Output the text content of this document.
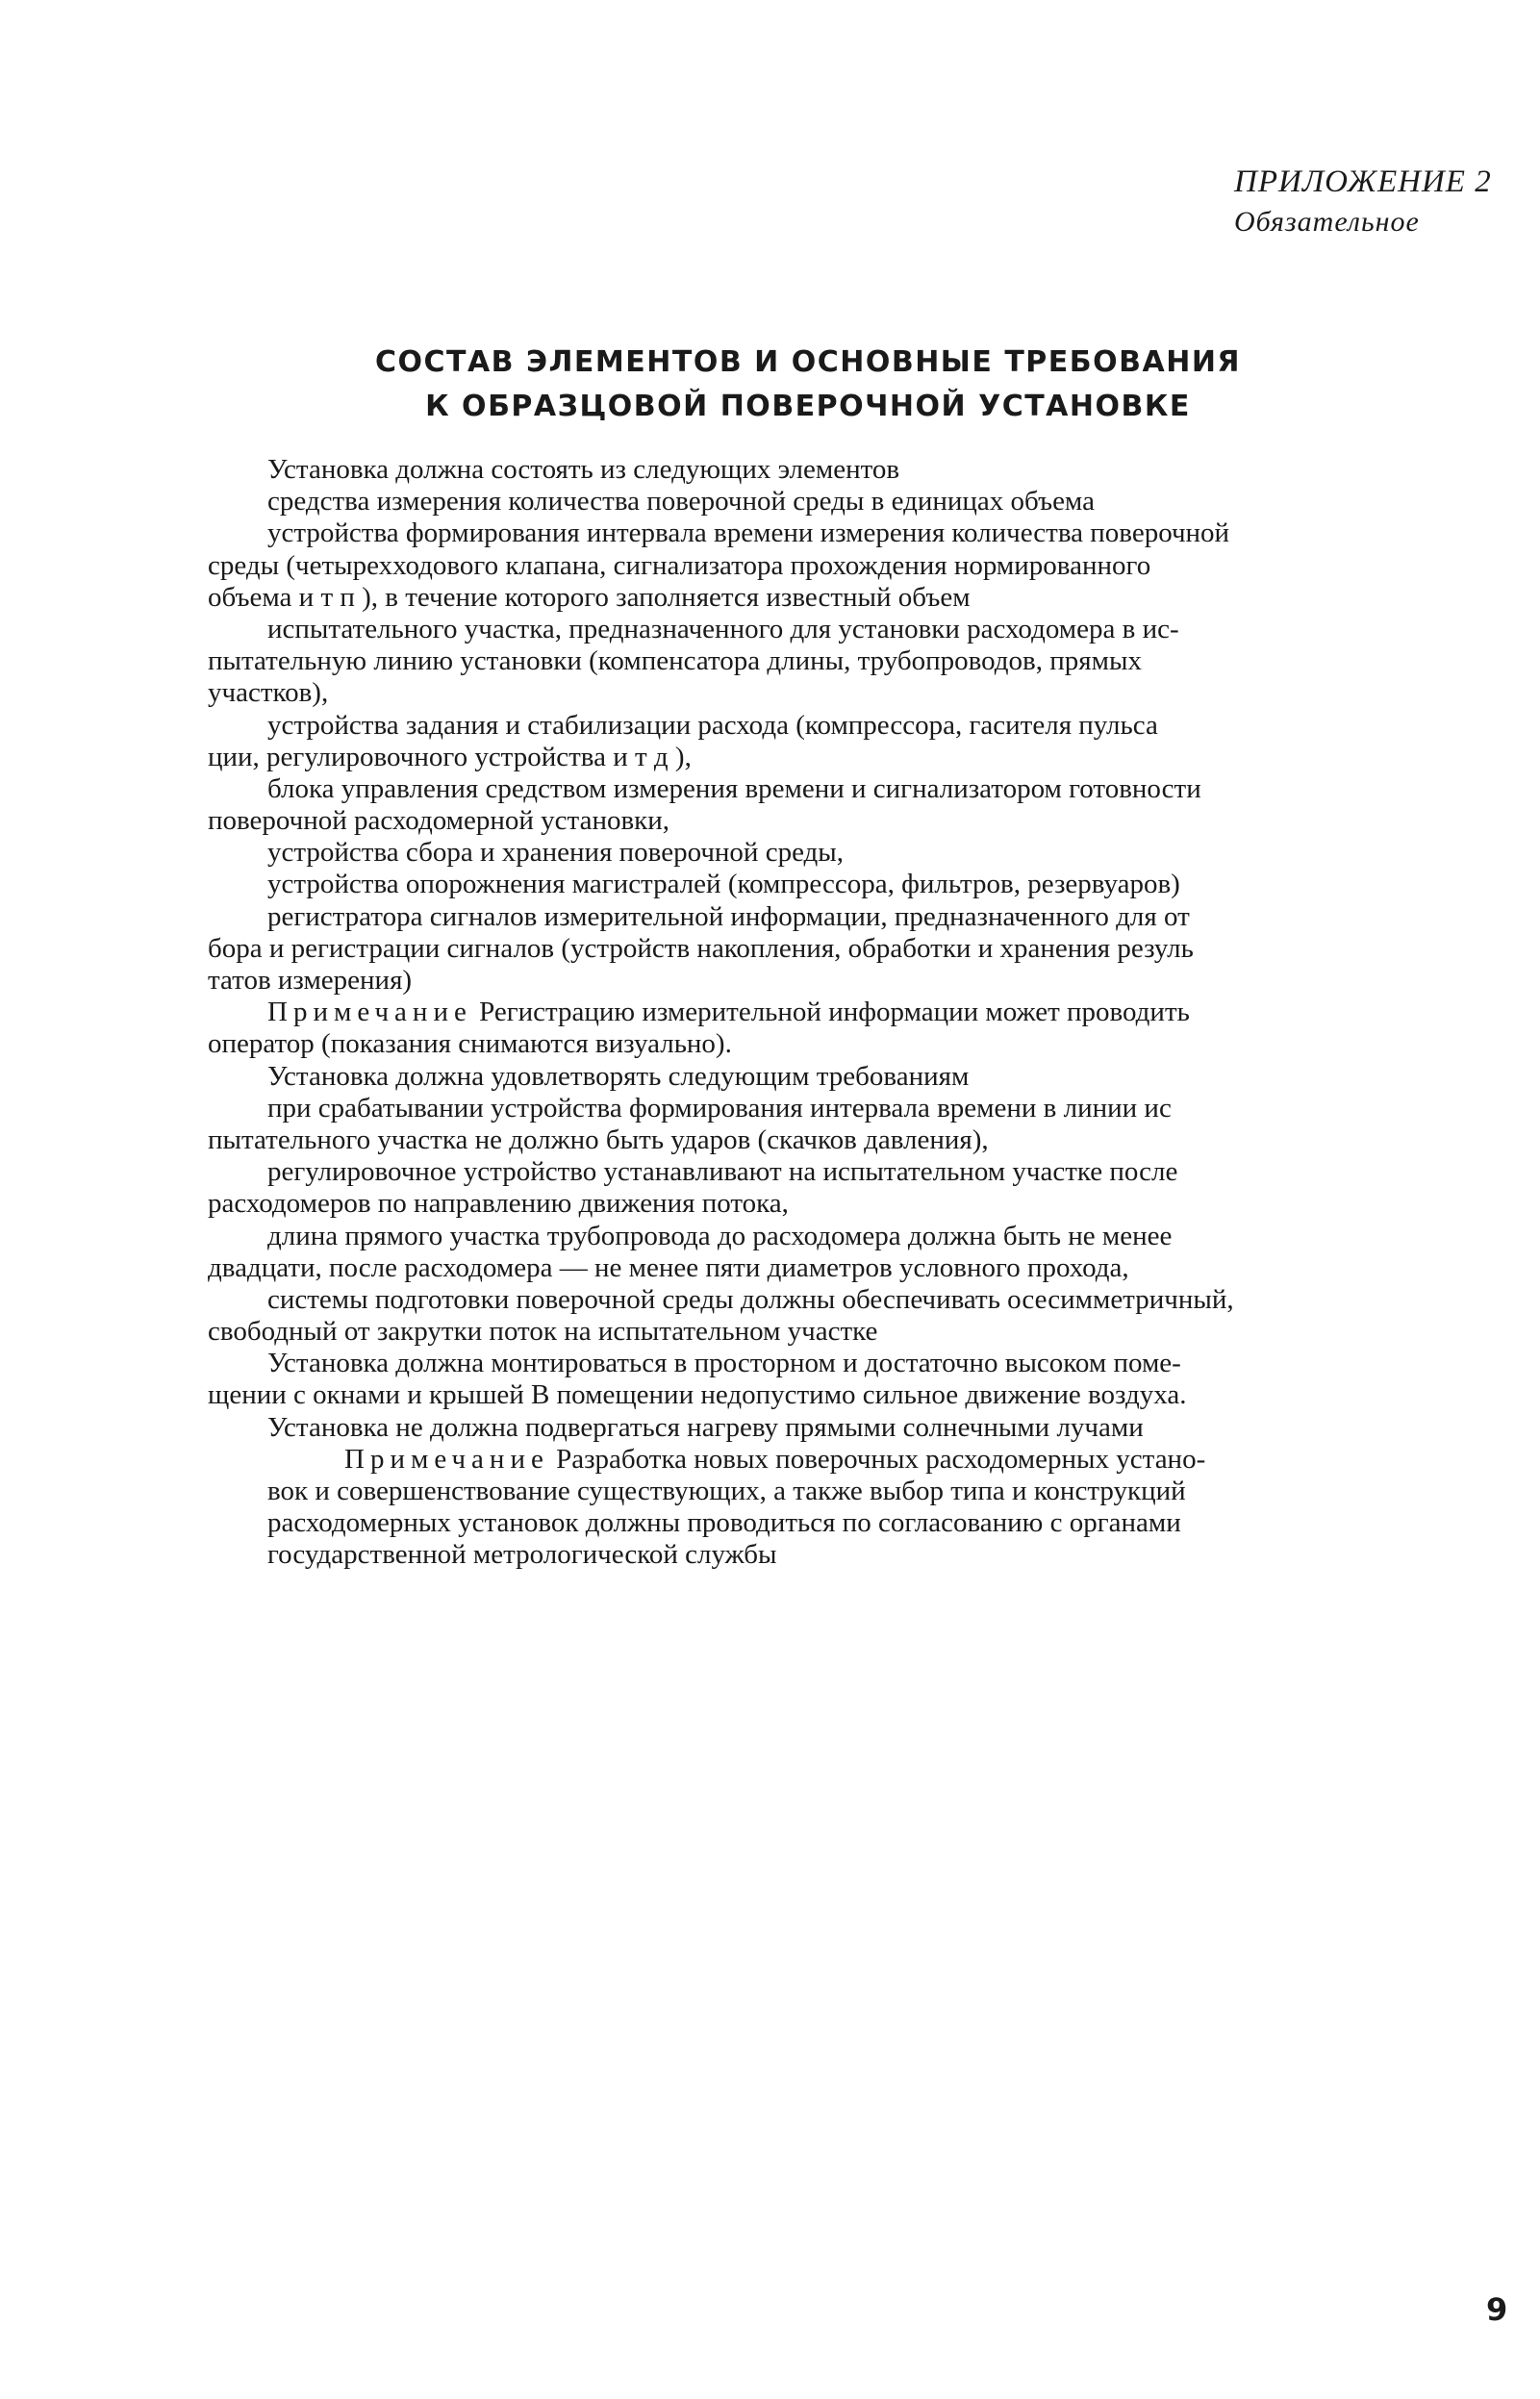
ПРИЛОЖЕНИЕ 2
Обязательное
СОСТАВ ЭЛЕМЕНТОВ И ОСНОВНЫЕ ТРЕБОВАНИЯ
К ОБРАЗЦОВОЙ ПОВЕРОЧНОЙ УСТАНОВКЕ
Установка должна состоять из следующих элементов
средства измерения количества поверочной среды в единицах объема
устройства формирования интервала времени измерения количества поверочной
среды (четырехходового клапана, сигнализатора прохождения нормированного
объема и т п ), в течение которого заполняется известный объем
испытательного участка, предназначенного для установки расходомера в ис-
пытательную линию установки (компенсатора длины, трубопроводов, прямых
участков),
устройства задания и стабилизации расхода (компрессора, гасителя пульса
ции, регулировочного устройства и т д ),
блока управления средством измерения времени и сигнализатором готовности
поверочной расходомерной установки,
устройства сбора и хранения поверочной среды,
устройства опорожнения магистралей (компрессора, фильтров, резервуаров)
регистратора сигналов измерительной информации, предназначенного для от
бора и регистрации сигналов (устройств накопления, обработки и хранения резуль
татов измерения)
Примечание Регистрацию измерительной информации может проводить
оператор (показания снимаются визуально).
Установка должна удовлетворять следующим требованиям
при срабатывании устройства формирования интервала времени в линии ис
пытательного участка не должно быть ударов (скачков давления),
регулировочное устройство устанавливают на испытательном участке после
расходомеров по направлению движения потока,
длина прямого участка трубопровода до расходомера должна быть не менее
двадцати, после расходомера — не менее пяти диаметров условного прохода,
системы подготовки поверочной среды должны обеспечивать осесимметричный,
свободный от закрутки поток на испытательном участке
Установка должна монтироваться в просторном и достаточно высоком поме-
щении с окнами и крышей В помещении недопустимо сильное движение воздуха.
Установка не должна подвергаться нагреву прямыми солнечными лучами
Примечание Разработка новых поверочных расходомерных устано-
вок и совершенствование существующих, а также выбор типа и конструкций
расходомерных установок должны проводиться по согласованию с органами
государственной метрологической службы
9
